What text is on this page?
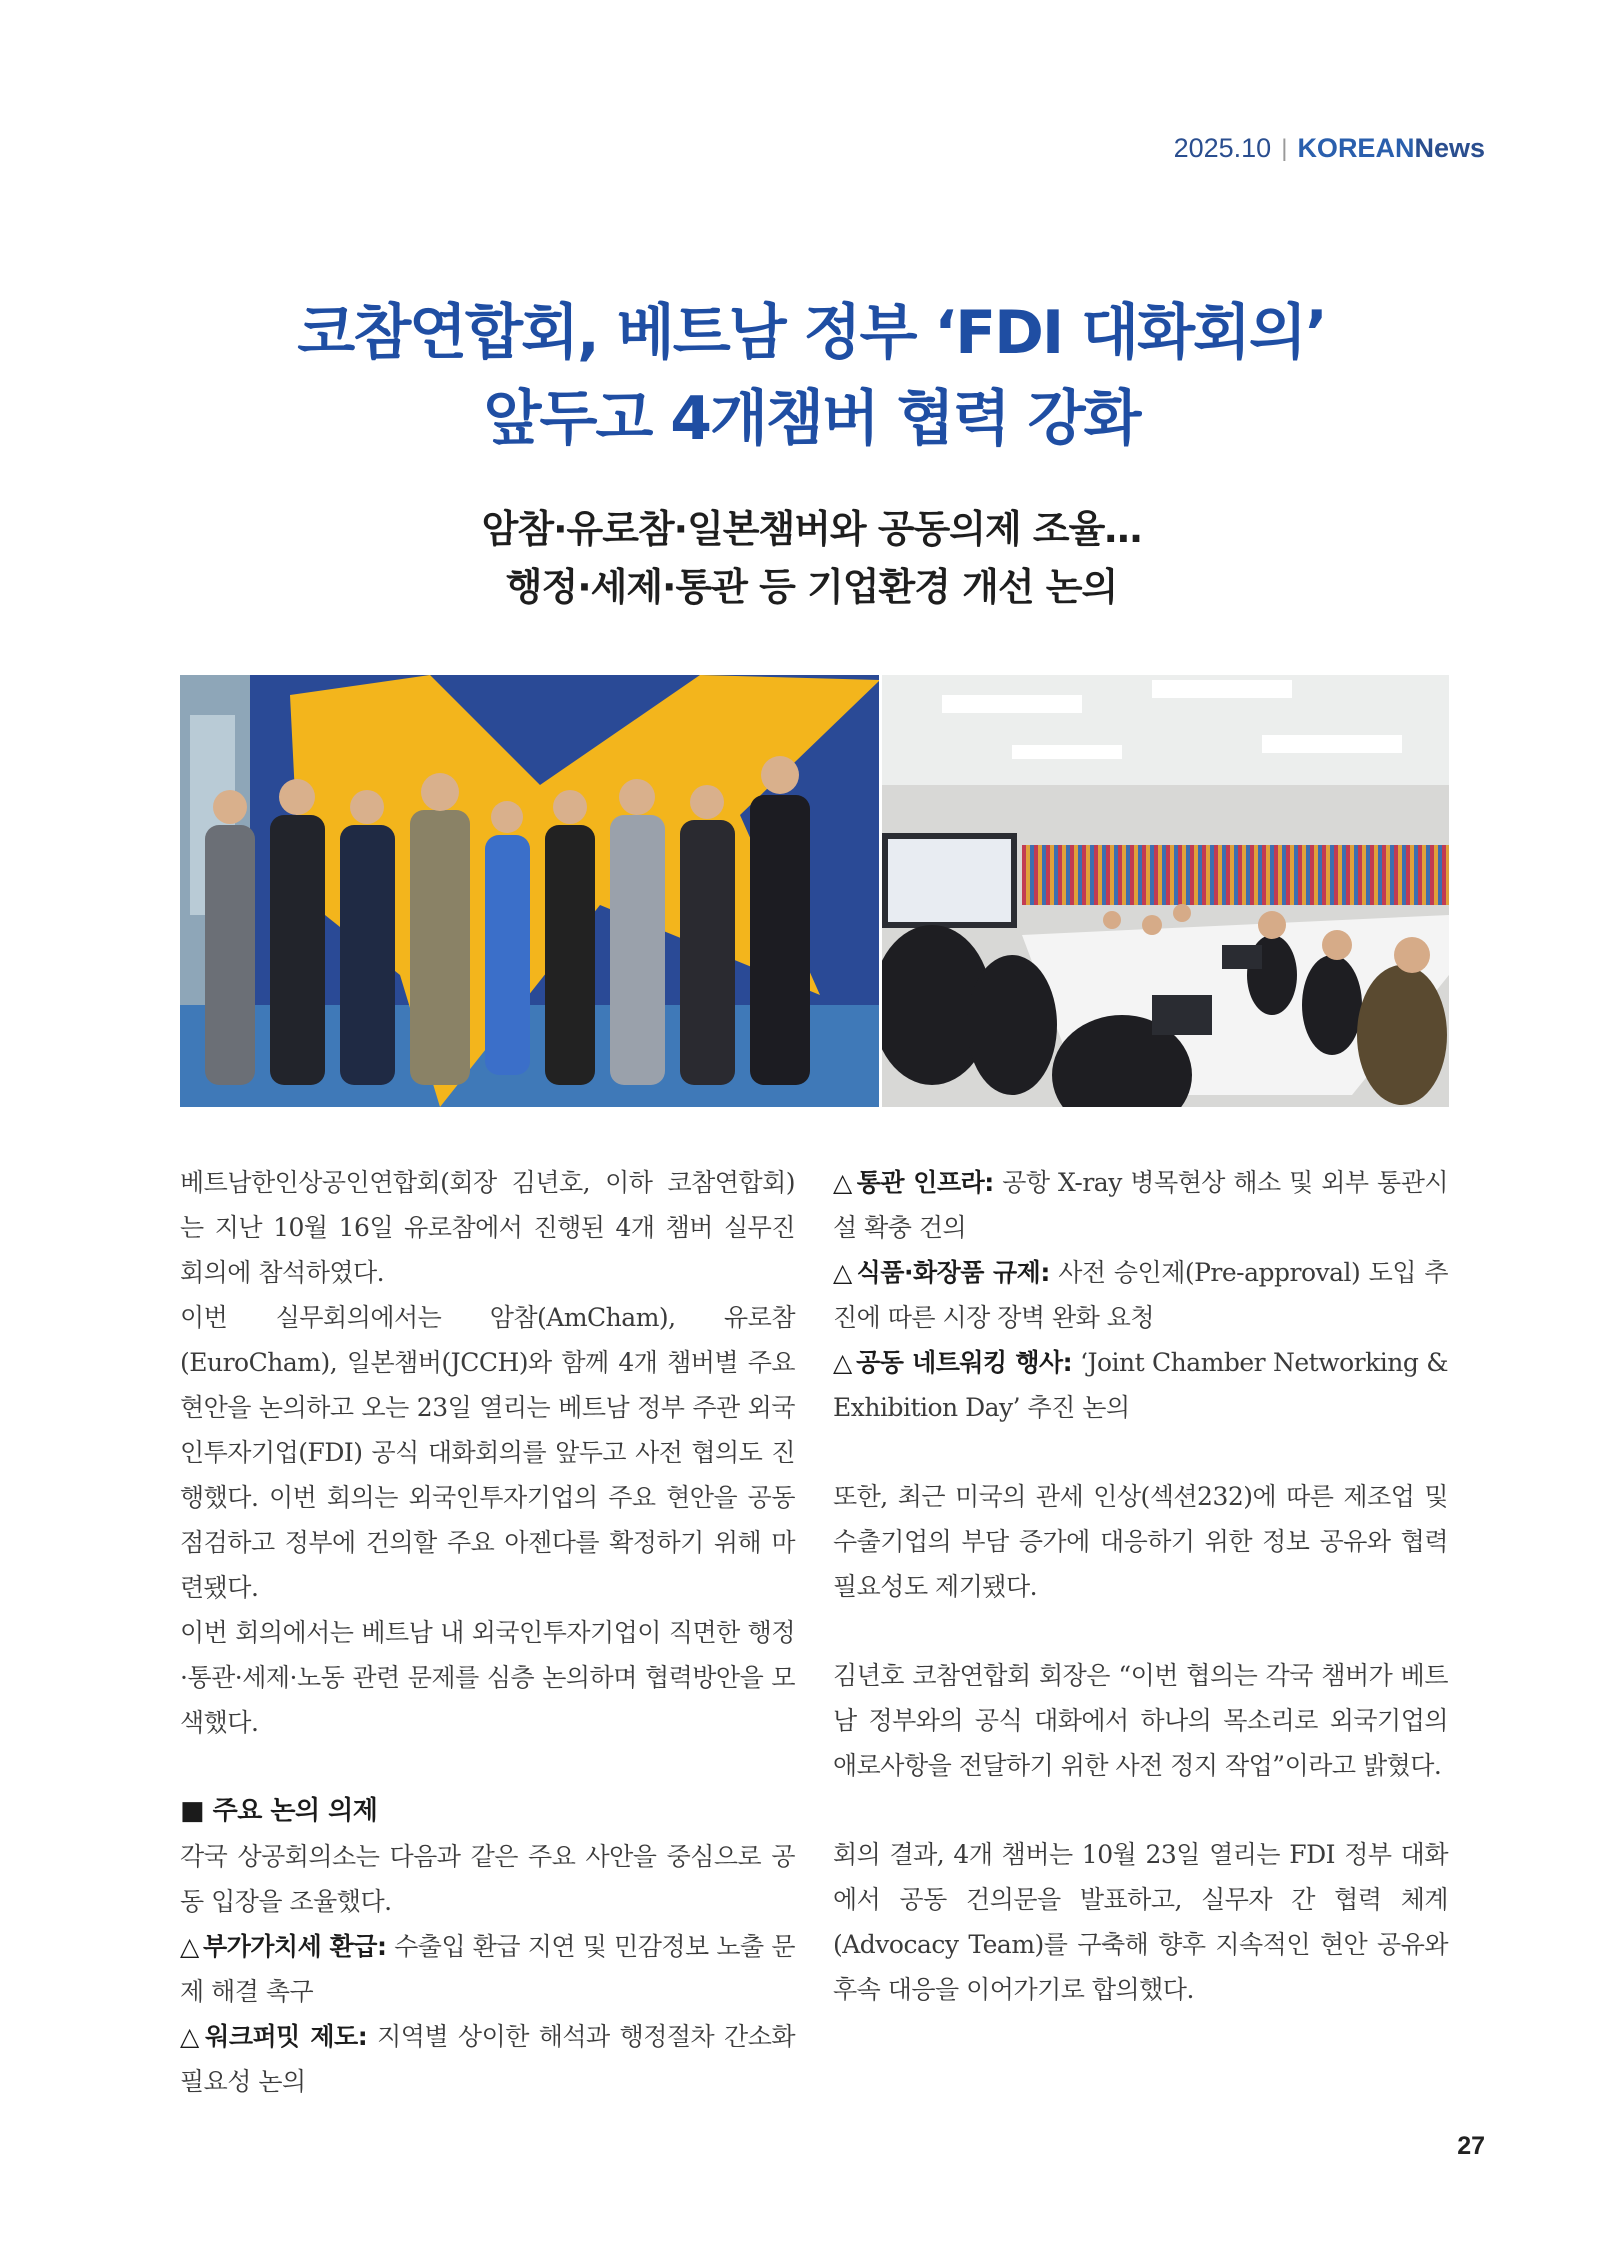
2025.10 | KOREAN News
코참연합회, 베트남 정부 ‘FDI 대화회의’
앞두고 4개챔버 협력 강화
암참·유로참·일본챔버와 공동의제 조율…
행정·세제·통관 등 기업환경 개선 논의

베트남한인상공인연합회(회장 김년호, 이하 코참연합회)는 지난 10월 16일 유로참에서 진행된 4개 챔버 실무진 회의에 참석하였다.

이번 실무회의에서는 암참(AmCham), 유로참(EuroCham), 일본챔버(JCCH)와 함께 4개 챔버별 주요 현안을 논의하고 오는 23일 열리는 베트남 정부 주관 외국인투자기업(FDI) 공식 대화회의를 앞두고 사전 협의도 진행했다. 이번 회의는 외국인투자기업의 주요 현안을 공동 점검하고 정부에 건의할 주요 아젠다를 확정하기 위해 마련됐다.

이번 회의에서는 베트남 내 외국인투자기업이 직면한 행정·통관·세제·노동 관련 문제를 심층 논의하며 협력방안을 모색했다.

■ 주요 논의 의제

각국 상공회의소는 다음과 같은 주요 사안을 중심으로 공동 입장을 조율했다.

△ 부가가치세 환급: 수출입 환급 지연 및 민감정보 노출 문제 해결 촉구

△ 워크퍼밋 제도: 지역별 상이한 해석과 행정절차 간소화 필요성 논의

△ 통관 인프라: 공항 X-ray 병목현상 해소 및 외부 통관시설 확충 건의

△ 식품·화장품 규제: 사전 승인제(Pre-approval) 도입 추진에 따른 시장 장벽 완화 요청

△ 공동 네트워킹 행사: ‘Joint Chamber Networking & Exhibition Day’ 추진 논의

또한, 최근 미국의 관세 인상(섹션232)에 따른 제조업 및 수출기업의 부담 증가에 대응하기 위한 정보 공유와 협력 필요성도 제기됐다.

김년호 코참연합회 회장은 “이번 협의는 각국 챔버가 베트남 정부와의 공식 대화에서 하나의 목소리로 외국기업의 애로사항을 전달하기 위한 사전 정지 작업”이라고 밝혔다.

회의 결과, 4개 챔버는 10월 23일 열리는 FDI 정부 대화에서 공동 건의문을 발표하고, 실무자 간 협력 체계(Advocacy Team)를 구축해 향후 지속적인 현안 공유와 후속 대응을 이어가기로 합의했다.

27
